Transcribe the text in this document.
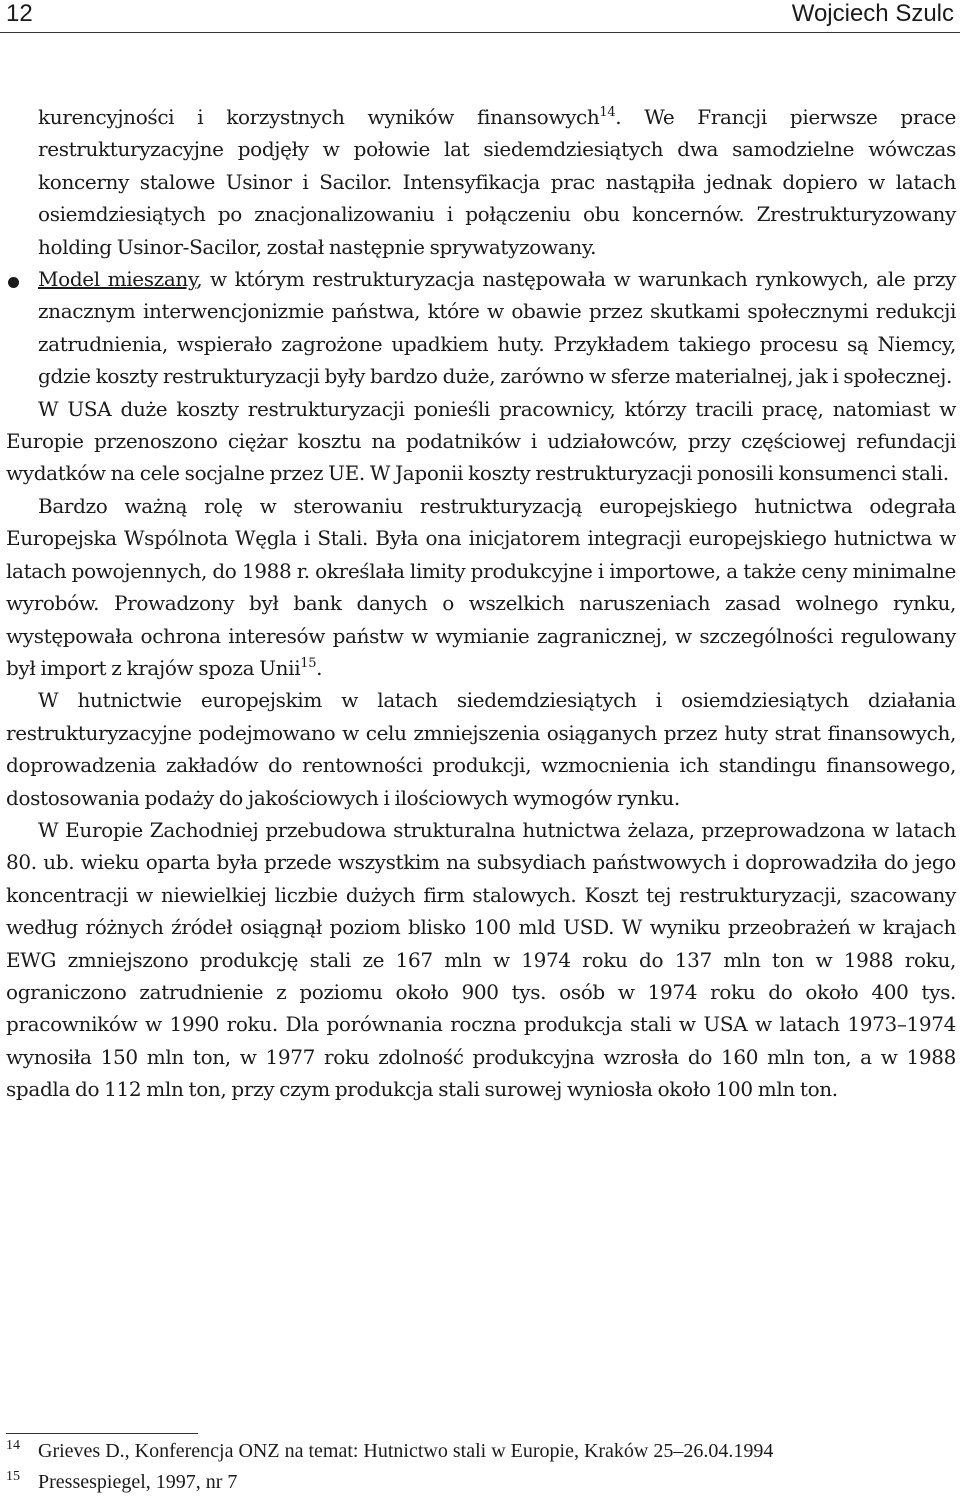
12	Wojciech Szulc

kurencyjności i korzystnych wyników finansowych$^{14}$. We Francji pierwsze prace restrukturyzacyjne podjęły w połowie lat siedemdziesiątych dwa samodzielne wówczas koncerny stalowe Usinor i Sacilor. Intensyfikacja prac nastąpiła jednak dopiero w latach osiemdziesiątych po znacjonalizowaniu i połączeniu obu koncernów. Zrestrukturyzowany holding Usinor-Sacilor, został następnie sprywatyzowany.

Model mieszany, w którym restrukturyzacja następowała w warunkach rynkowych, ale przy znacznym interwencjonizmie państwa, które w obawie przez skutkami społecznymi redukcji zatrudnienia, wspierało zagrożone upadkiem huty. Przykładem takiego procesu są Niemcy, gdzie koszty restrukturyzacji były bardzo duże, zarówno w sferze materialnej, jak i społecznej.

W USA duże koszty restrukturyzacji ponieśli pracownicy, którzy tracili pracę, natomiast w Europie przenoszono ciężar kosztu na podatników i udziałowców, przy częściowej refundacji wydatków na cele socjalne przez UE. W Japonii koszty restrukturyzacji ponosili konsumenci stali.

Bardzo ważną rolę w sterowaniu restrukturyzacją europejskiego hutnictwa odegrała Europejska Wspólnota Węgla i Stali. Była ona inicjatorem integracji europejskiego hutnictwa w latach powojennych, do 1988 r. określała limity produkcyjne i importowe, a także ceny minimalne wyrobów. Prowadzony był bank danych o wszelkich naruszeniach zasad wolnego rynku, występowała ochrona interesów państw w wymianie zagranicznej, w szczególności regulowany był import z krajów spoza Unii$^{15}$.

W hutnictwie europejskim w latach siedemdziesiątych i osiemdziesiątych działania restrukturyzacyjne podejmowano w celu zmniejszenia osiąganych przez huty strat finansowych, doprowadzenia zakładów do rentowności produkcji, wzmocnienia ich standingu finansowego, dostosowania podaży do jakościowych i ilościowych wymogów rynku.

W Europie Zachodniej przebudowa strukturalna hutnictwa żelaza, przeprowadzona w latach 80. ub. wieku oparta była przede wszystkim na subsydiach państwowych i doprowadziła do jego koncentracji w niewielkiej liczbie dużych firm stalowych. Koszt tej restrukturyzacji, szacowany według różnych źródeł osiągnął poziom blisko 100 mld USD. W wyniku przeobrażeń w krajach EWG zmniejszono produkcję stali ze 167 mln w 1974 roku do 137 mln ton w 1988 roku, ograniczono zatrudnienie z poziomu około 900 tys. osób w 1974 roku do około 400 tys. pracowników w 1990 roku. Dla porównania roczna produkcja stali w USA w latach 1973–1974 wynosiła 150 mln ton, w 1977 roku zdolność produkcyjna wzrosła do 160 mln ton, a w 1988 spadla do 112 mln ton, przy czym produkcja stali surowej wyniosła około 100 mln ton.

14 Grieves D., Konferencja ONZ na temat: Hutnictwo stali w Europie, Kraków 25–26.04.1994
15 Pressespiegel, 1997, nr 7
